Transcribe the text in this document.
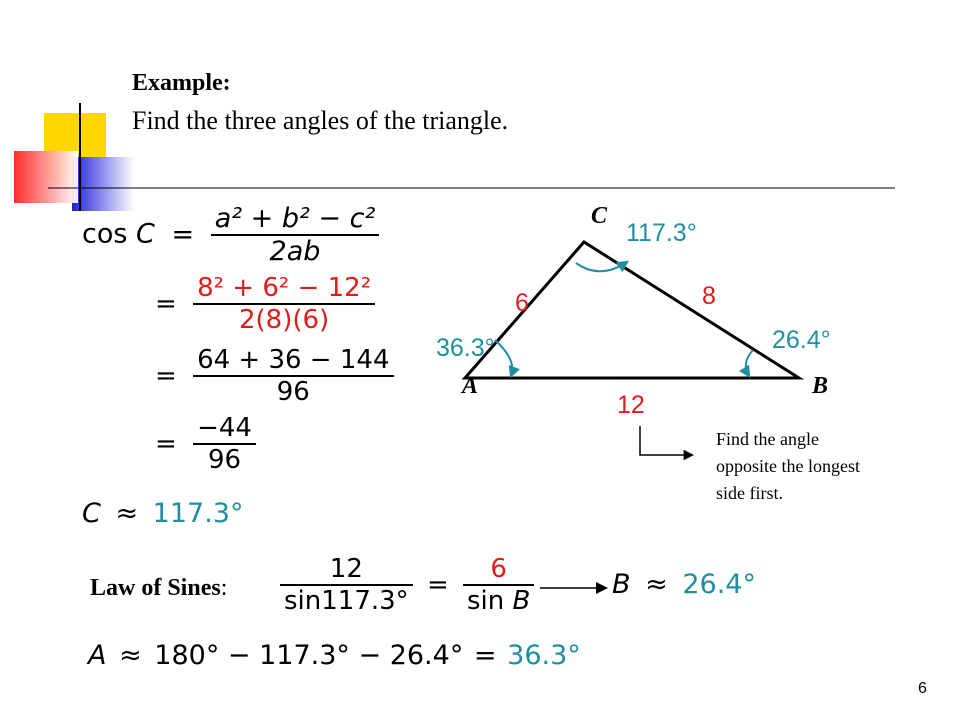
Example:
Find the three angles of the triangle.
$\cos C = \frac{\text{a² + b² − c²}}{2ab}$
= $\frac{\text{8² + 6² − 12²}}{2(8)(6)}$
= $\frac{64 + 36 - 144}{96}$
= $\frac{-44}{96}$
C ≈ 117.3°
C
A	B
117.3°
36.3°	26.4°
6	8
12
Find the angle
opposite the longest
side first.
Law of Sines: $\frac{12}{\sin 117.3^\circ} = \frac{6}{\text{sin B}}$	B ≈ 26.4°
A ≈ 180° − 117.3° − 26.4° = 36.3°
6
